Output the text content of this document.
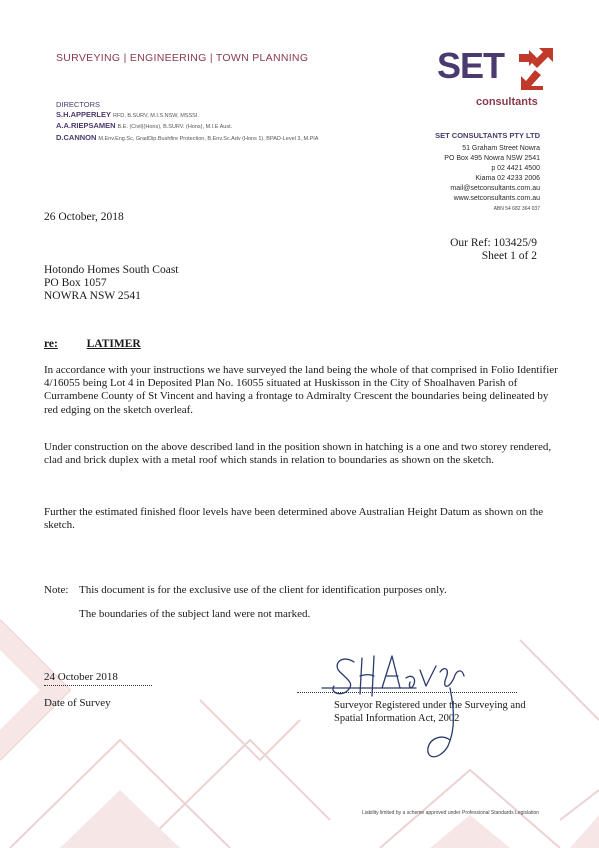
SURVEYING | ENGINEERING | TOWN PLANNING	SET
consultants
DIRECTORS
S.H.APPERLEY RFD, B.SURV, M.I.S.NSW, MSSSI.
A.A.RIEPSAMEN B.E. (Civil)(Hons), B.SURV. (Hons), M.I.E Aust.
D.CANNON M.Env.Eng.Sc, GradDip.Bushfire Protection, B.Env.Sc.Adv (Hons 1), BPAD-Level 3, M.PIA	SET CONSULTANTS PTY LTD
51 Graham Street Nowra
PO Box 495 Nowra NSW 2541
p 02 4421 4500
Kiama 02 4233 2006
mail@setconsultants.com.au
www.setconsultants.com.au
ABN 54 682 364 037
26 October, 2018
Our Ref: 103425/9
Sheet 1 of 2
Hotondo Homes South Coast
PO Box 1057
NOWRA NSW 2541
re:	LATIMER
In accordance with your instructions we have surveyed the land being the whole of that comprised in Folio Identifier 4/16055 being Lot 4 in Deposited Plan No. 16055 situated at Huskisson in the City of Shoalhaven Parish of Currambene County of St Vincent and having a frontage to Admiralty Crescent the boundaries being delineated by red edging on the sketch overleaf.
Under construction on the above described land in the position shown in hatching is a one and two storey rendered, clad and brick duplex with a metal roof which stands in relation to boundaries as shown on the sketch.
Further the estimated finished floor levels have been determined above Australian Height Datum as shown on the sketch.
Note: This document is for the exclusive use of the client for identification purposes only.
The boundaries of the subject land were not marked.
24 October 2018
Date of Survey	Surveyor Registered under the Surveying and
Spatial Information Act, 2002
Liability limited by a scheme approved under Professional Standards Legislation
